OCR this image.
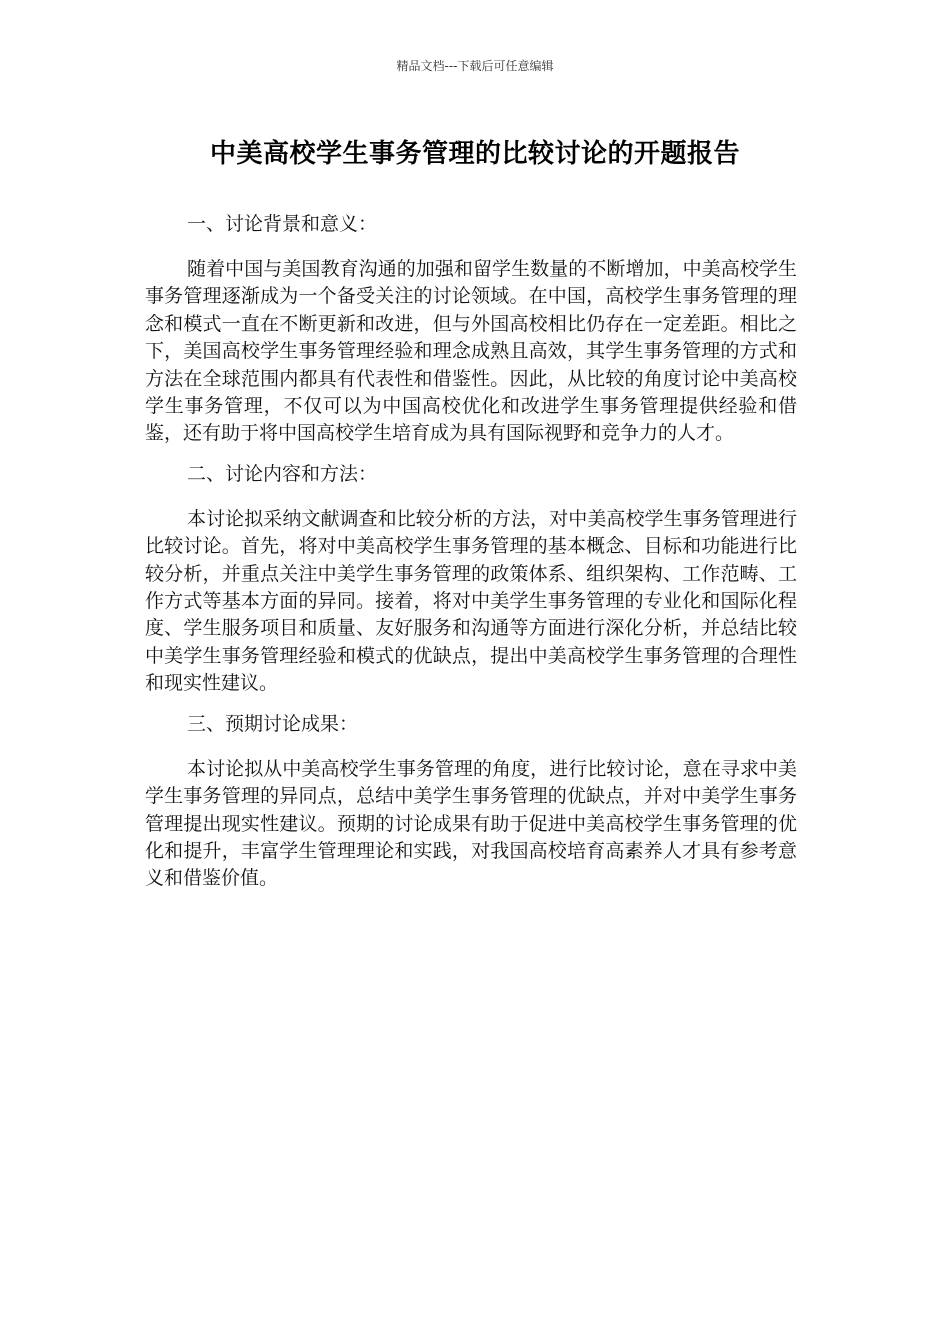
精品文档---下载后可任意编辑
中美高校学生事务管理的比较讨论的开题报告

一、讨论背景和意义：

随着中国与美国教育沟通的加强和留学生数量的不断增加，中美高校学生事务管理逐渐成为一个备受关注的讨论领域。在中国，高校学生事务管理的理念和模式一直在不断更新和改进，但与外国高校相比仍存在一定差距。相比之下，美国高校学生事务管理经验和理念成熟且高效，其学生事务管理的方式和方法在全球范围内都具有代表性和借鉴性。因此，从比较的角度讨论中美高校学生事务管理，不仅可以为中国高校优化和改进学生事务管理提供经验和借鉴，还有助于将中国高校学生培育成为具有国际视野和竞争力的人才。

二、讨论内容和方法：

本讨论拟采纳文献调查和比较分析的方法，对中美高校学生事务管理进行比较讨论。首先，将对中美高校学生事务管理的基本概念、目标和功能进行比较分析，并重点关注中美学生事务管理的政策体系、组织架构、工作范畴、工作方式等基本方面的异同。接着，将对中美学生事务管理的专业化和国际化程度、学生服务项目和质量、友好服务和沟通等方面进行深化分析，并总结比较中美学生事务管理经验和模式的优缺点，提出中美高校学生事务管理的合理性和现实性建议。

三、预期讨论成果：

本讨论拟从中美高校学生事务管理的角度，进行比较讨论，意在寻求中美学生事务管理的异同点，总结中美学生事务管理的优缺点，并对中美学生事务管理提出现实性建议。预期的讨论成果有助于促进中美高校学生事务管理的优化和提升，丰富学生管理理论和实践，对我国高校培育高素养人才具有参考意义和借鉴价值。
